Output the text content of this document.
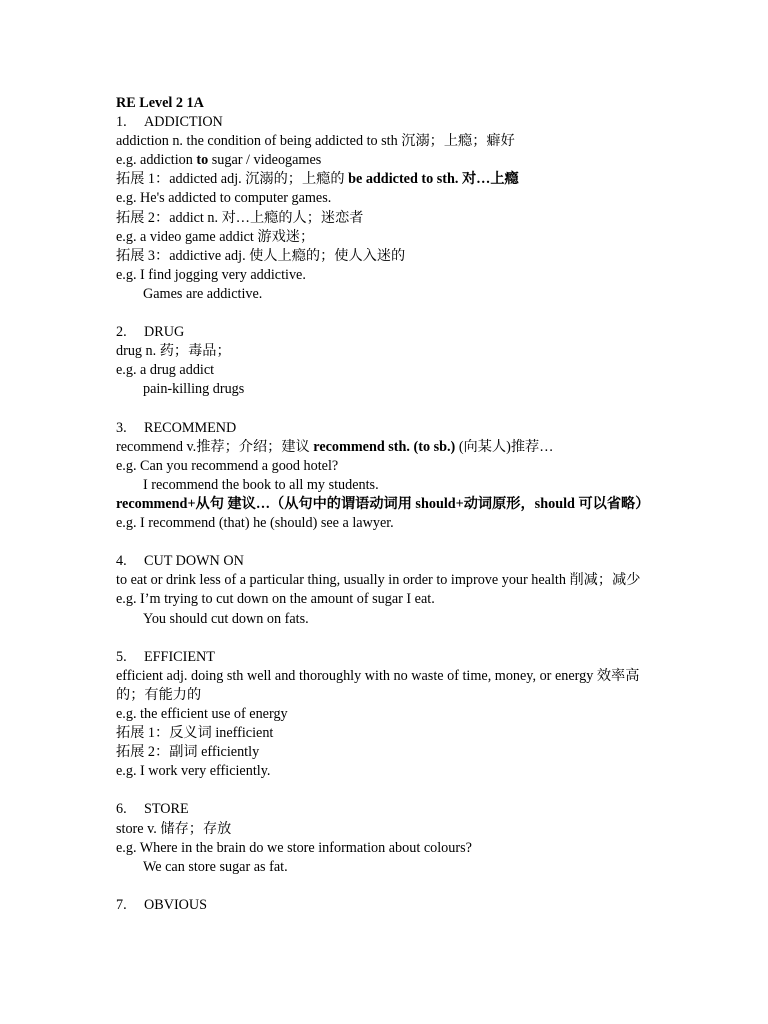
RE Level 2 1A
1. ADDICTION
addiction n. the condition of being addicted to sth 沉溺；上瘾；癖好
e.g. addiction to sugar / videogames
拓展 1：addicted adj. 沉溺的；上瘾的 be addicted to sth. 对…上瘾
e.g. He's addicted to computer games.
拓展 2：addict n. 对…上瘾的人；迷恋者
e.g. a video game addict 游戏迷；
拓展 3：addictive adj. 使人上瘾的；使人入迷的
e.g. I find jogging very addictive.
Games are addictive.
2. DRUG
drug n. 药；毒品；
e.g. a drug addict
pain-killing drugs
3. RECOMMEND
recommend v.推荐；介绍；建议 recommend sth. (to sb.) (向某人)推荐…
e.g. Can you recommend a good hotel?
I recommend the book to all my students.
recommend+从句 建议…（从句中的谓语动词用 should+动词原形，should 可以省略）
e.g. I recommend (that) he (should) see a lawyer.
4. CUT DOWN ON
to eat or drink less of a particular thing, usually in order to improve your health 削减；减少
e.g. I’m trying to cut down on the amount of sugar I eat.
You should cut down on fats.
5. EFFICIENT
efficient adj. doing sth well and thoroughly with no waste of time, money, or energy 效率高的；有能力的
e.g. the efficient use of energy
拓展 1：反义词 inefficient
拓展 2：副词 efficiently
e.g. I work very efficiently.
6. STORE
store v. 储存；存放
e.g. Where in the brain do we store information about colours?
We can store sugar as fat.
7. OBVIOUS
